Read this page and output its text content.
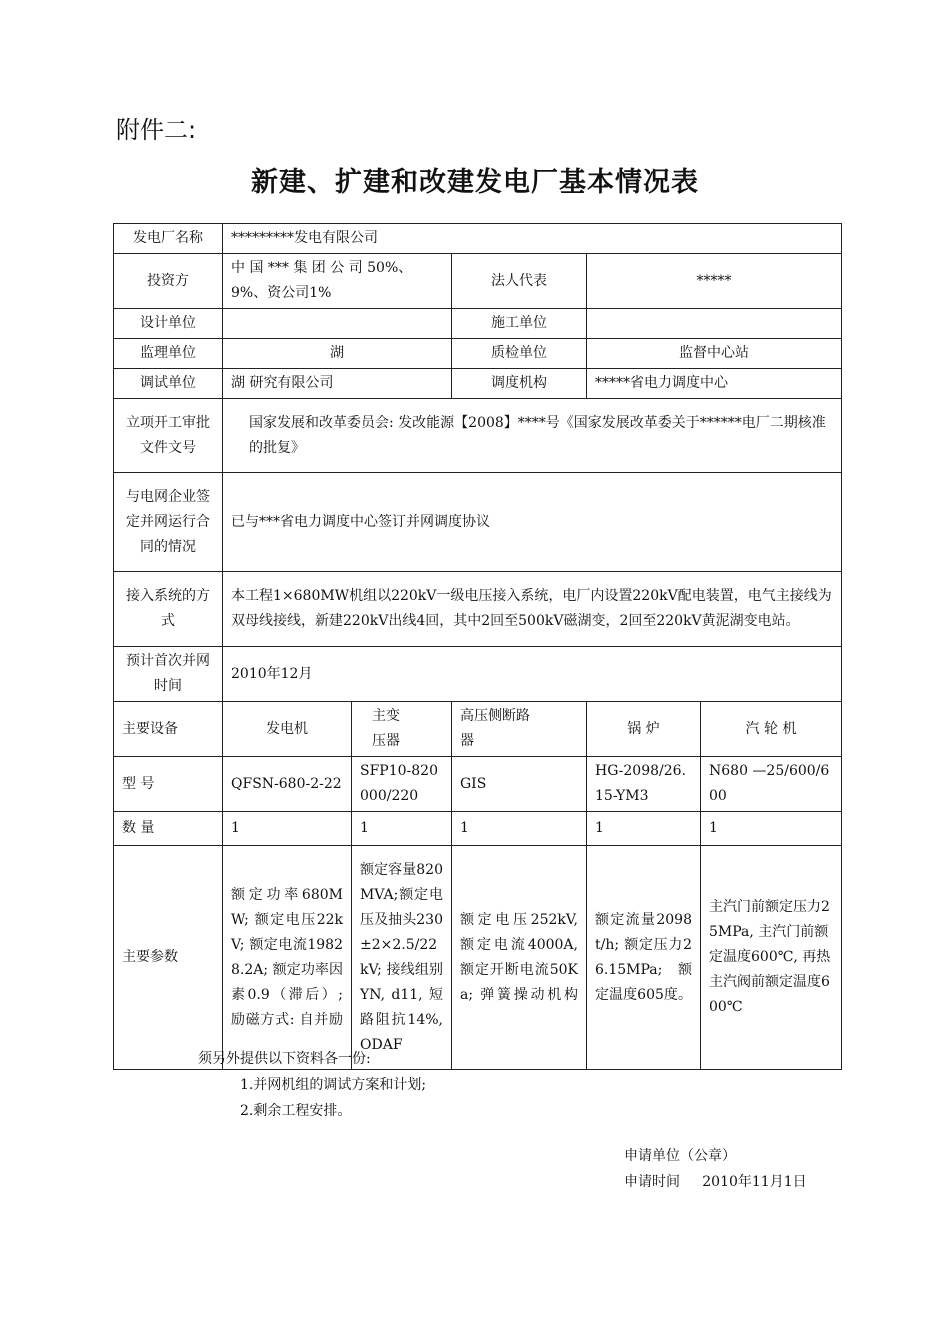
附件二:
新建、扩建和改建发电厂基本情况表
发电厂名称	*********发电有限公司				
投资方	中 国 *** 集 团 公 司 50%、9%、资公司1%		法人代表	*****	
设计单位			施工单位		
监理单位	湖		质检单位	监督中心站	
调试单位	湖 研究有限公司		调度机构	*****省电力调度中心	
立项开工审批文件文号	国家发展和改革委员会: 发改能源【2008】****号《国家发展改革委关于******电厂二期核准的批复》				
与电网企业签定并网运行合同的情况	已与***省电力调度中心签订并网调度协议				
接入系统的方式	本工程1×680MW机组以220kV一级电压接入系统，电厂内设置220kV配电装置，电气主接线为双母线接线，新建220kV出线4回，其中2回至500kV磁湖变，2回至220kV黄泥湖变电站。				
预计首次并网时间	2010年12月				
主要设备	发电机	主变压器	高压侧断路器	锅 炉	汽 轮 机
型 号	QFSN-680-2-22	SFP10-820000/220	GIS	HG-2098/26.15-YM3	N680 —25/600/600
数 量	1	1	1	1	1
主要参数	额定功率680MW; 额定电压22kV; 额定电流19828.2A; 额定功率因素0.9（滞后）; 励磁方式: 自并励	额定容量820MVA;额定电压及抽头230±2×2.5/22kV; 接线组别YN, d11, 短路阻抗14%, ODAF	额定电压252kV, 额定电流4000A, 额定开断电流50Ka; 弹簧操动机构	额定流量2098t/h; 额定压力26.15MPa; 额定温度605度。	主汽门前额定压力25MPa, 主汽门前额定温度600℃, 再热主汽阀前额定温度600℃
须另外提供以下资料各一份:
1.并网机组的调试方案和计划;
2.剩余工程安排。
申请单位（公章）
申请时间 2010年11月1日
